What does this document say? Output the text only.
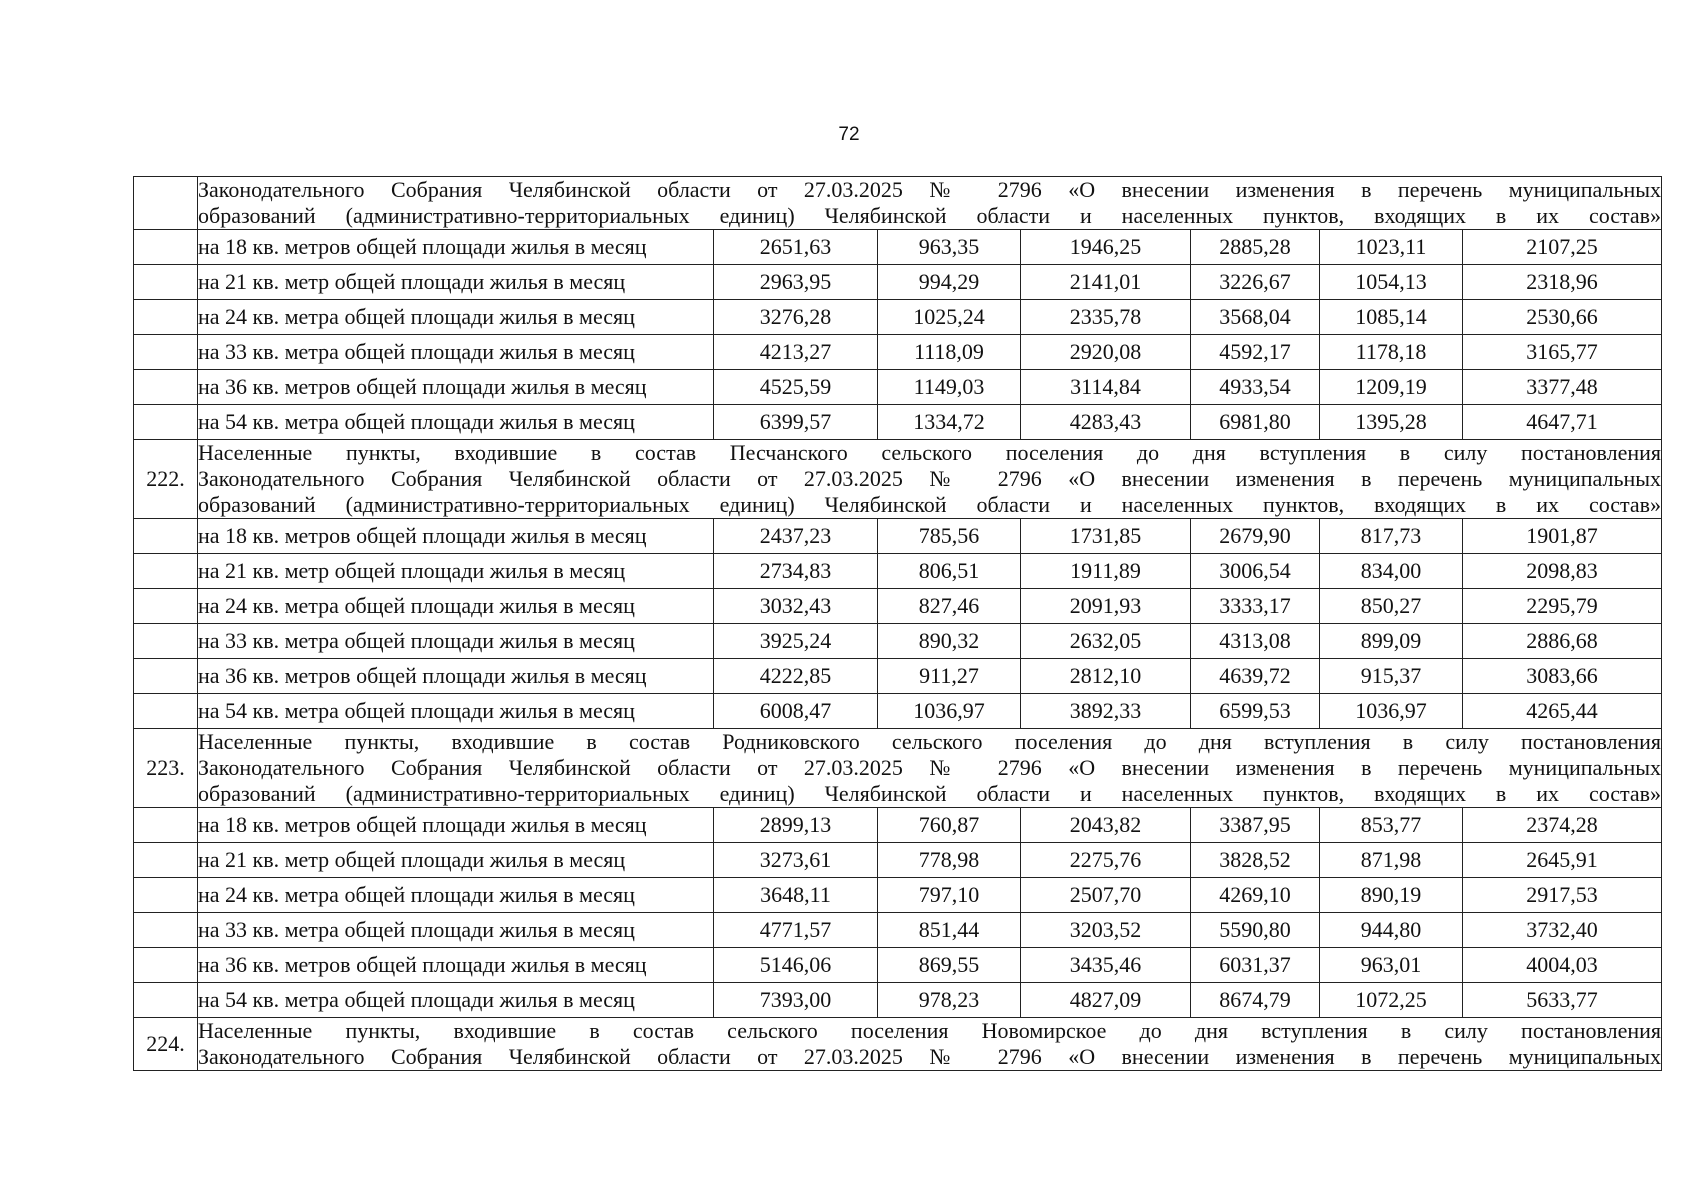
72

	Законодательного Собрания Челябинской области от 27.03.2025 № 2796 «О внесении изменения в перечень муниципальных
образований (административно-территориальных единиц) Челябинской области и населенных пунктов, входящих в их состав»						

	на 18 кв. метров общей площади жилья в месяц	2651,63	963,35	1946,25	2885,28	1023,11	2107,25
	на 21 кв. метр общей площади жилья в месяц	2963,95	994,29	2141,01	3226,67	1054,13	2318,96
	на 24 кв. метра общей площади жилья в месяц	3276,28	1025,24	2335,78	3568,04	1085,14	2530,66
	на 33 кв. метра общей площади жилья в месяц	4213,27	1118,09	2920,08	4592,17	1178,18	3165,77
	на 36 кв. метров общей площади жилья в месяц	4525,59	1149,03	3114,84	4933,54	1209,19	3377,48
	на 54 кв. метра общей площади жилья в месяц	6399,57	1334,72	4283,43	6981,80	1395,28	4647,71
222.	Населенные пункты, входившие в состав Песчанского сельского поселения до дня вступления в силу постановления
Законодательного Собрания Челябинской области от 27.03.2025 № 2796 «О внесении изменения в перечень муниципальных
образований (административно-территориальных единиц) Челябинской области и населенных пунктов, входящих в их состав»						

	на 18 кв. метров общей площади жилья в месяц	2437,23	785,56	1731,85	2679,90	817,73	1901,87
	на 21 кв. метр общей площади жилья в месяц	2734,83	806,51	1911,89	3006,54	834,00	2098,83
	на 24 кв. метра общей площади жилья в месяц	3032,43	827,46	2091,93	3333,17	850,27	2295,79
	на 33 кв. метра общей площади жилья в месяц	3925,24	890,32	2632,05	4313,08	899,09	2886,68
	на 36 кв. метров общей площади жилья в месяц	4222,85	911,27	2812,10	4639,72	915,37	3083,66
	на 54 кв. метра общей площади жилья в месяц	6008,47	1036,97	3892,33	6599,53	1036,97	4265,44
223.	Населенные пункты, входившие в состав Родниковского сельского поселения до дня вступления в силу постановления
Законодательного Собрания Челябинской области от 27.03.2025 № 2796 «О внесении изменения в перечень муниципальных
образований (административно-территориальных единиц) Челябинской области и населенных пунктов, входящих в их состав»						

	на 18 кв. метров общей площади жилья в месяц	2899,13	760,87	2043,82	3387,95	853,77	2374,28
	на 21 кв. метр общей площади жилья в месяц	3273,61	778,98	2275,76	3828,52	871,98	2645,91
	на 24 кв. метра общей площади жилья в месяц	3648,11	797,10	2507,70	4269,10	890,19	2917,53
	на 33 кв. метра общей площади жилья в месяц	4771,57	851,44	3203,52	5590,80	944,80	3732,40
	на 36 кв. метров общей площади жилья в месяц	5146,06	869,55	3435,46	6031,37	963,01	4004,03
	на 54 кв. метра общей площади жилья в месяц	7393,00	978,23	4827,09	8674,79	1072,25	5633,77
224.	Населенные пункты, входившие в состав сельского поселения Новомирское до дня вступления в силу постановления
Законодательного Собрания Челябинской области от 27.03.2025 № 2796 «О внесении изменения в перечень муниципальных						
